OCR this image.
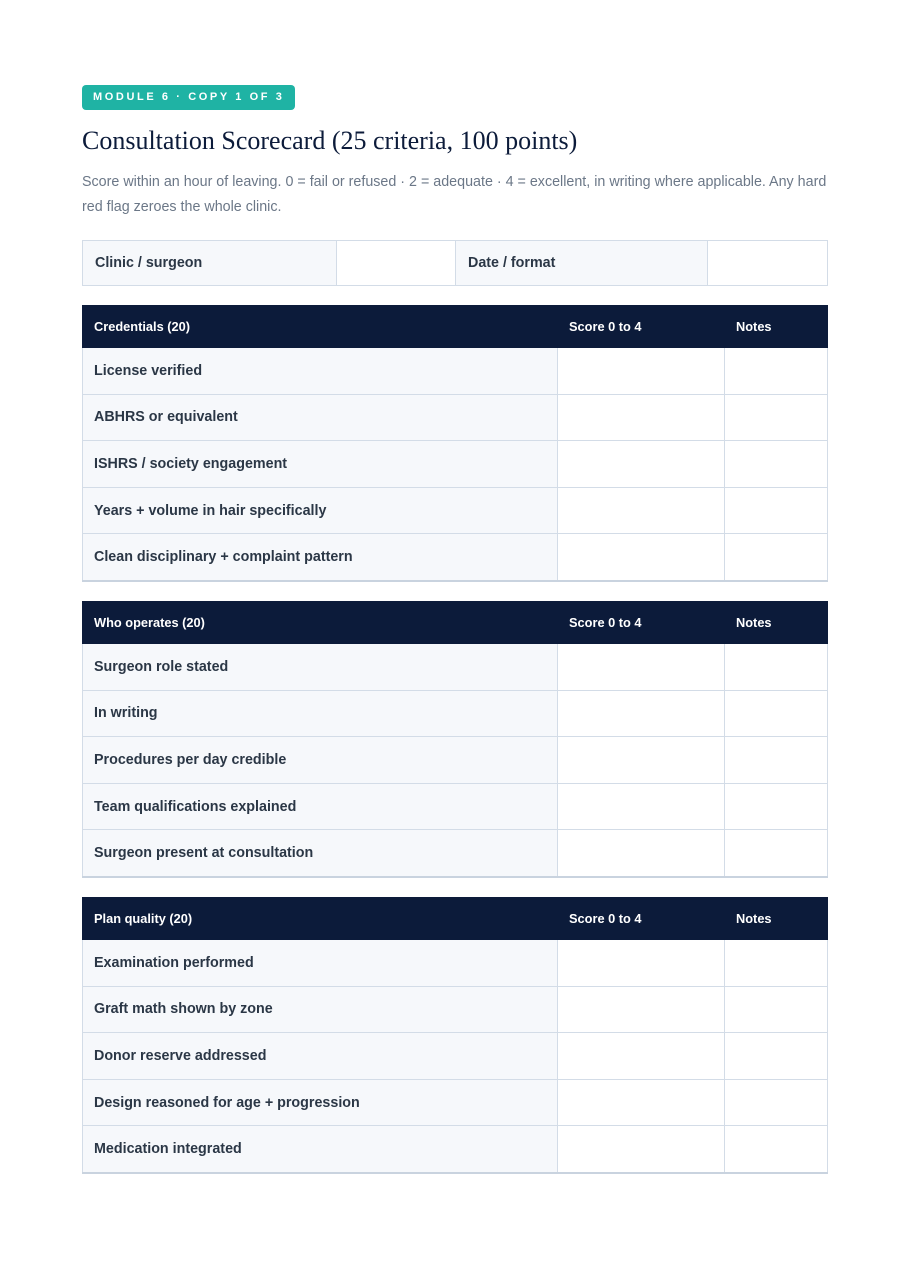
MODULE 6 · COPY 1 OF 3
Consultation Scorecard (25 criteria, 100 points)

Score within an hour of leaving. 0 = fail or refused · 2 = adequate · 4 = excellent, in writing where applicable. Any hard red flag zeroes the whole clinic.

Clinic / surgeon		Date / format	
Credentials (20)	Score 0 to 4	Notes
License verified		
ABHRS or equivalent		
ISHRS / society engagement		
Years + volume in hair specifically		
Clean disciplinary + complaint pattern		
Who operates (20)	Score 0 to 4	Notes
Surgeon role stated		
In writing		
Procedures per day credible		
Team qualifications explained		
Surgeon present at consultation		
Plan quality (20)	Score 0 to 4	Notes
Examination performed		
Graft math shown by zone		
Donor reserve addressed		
Design reasoned for age + progression		
Medication integrated		
